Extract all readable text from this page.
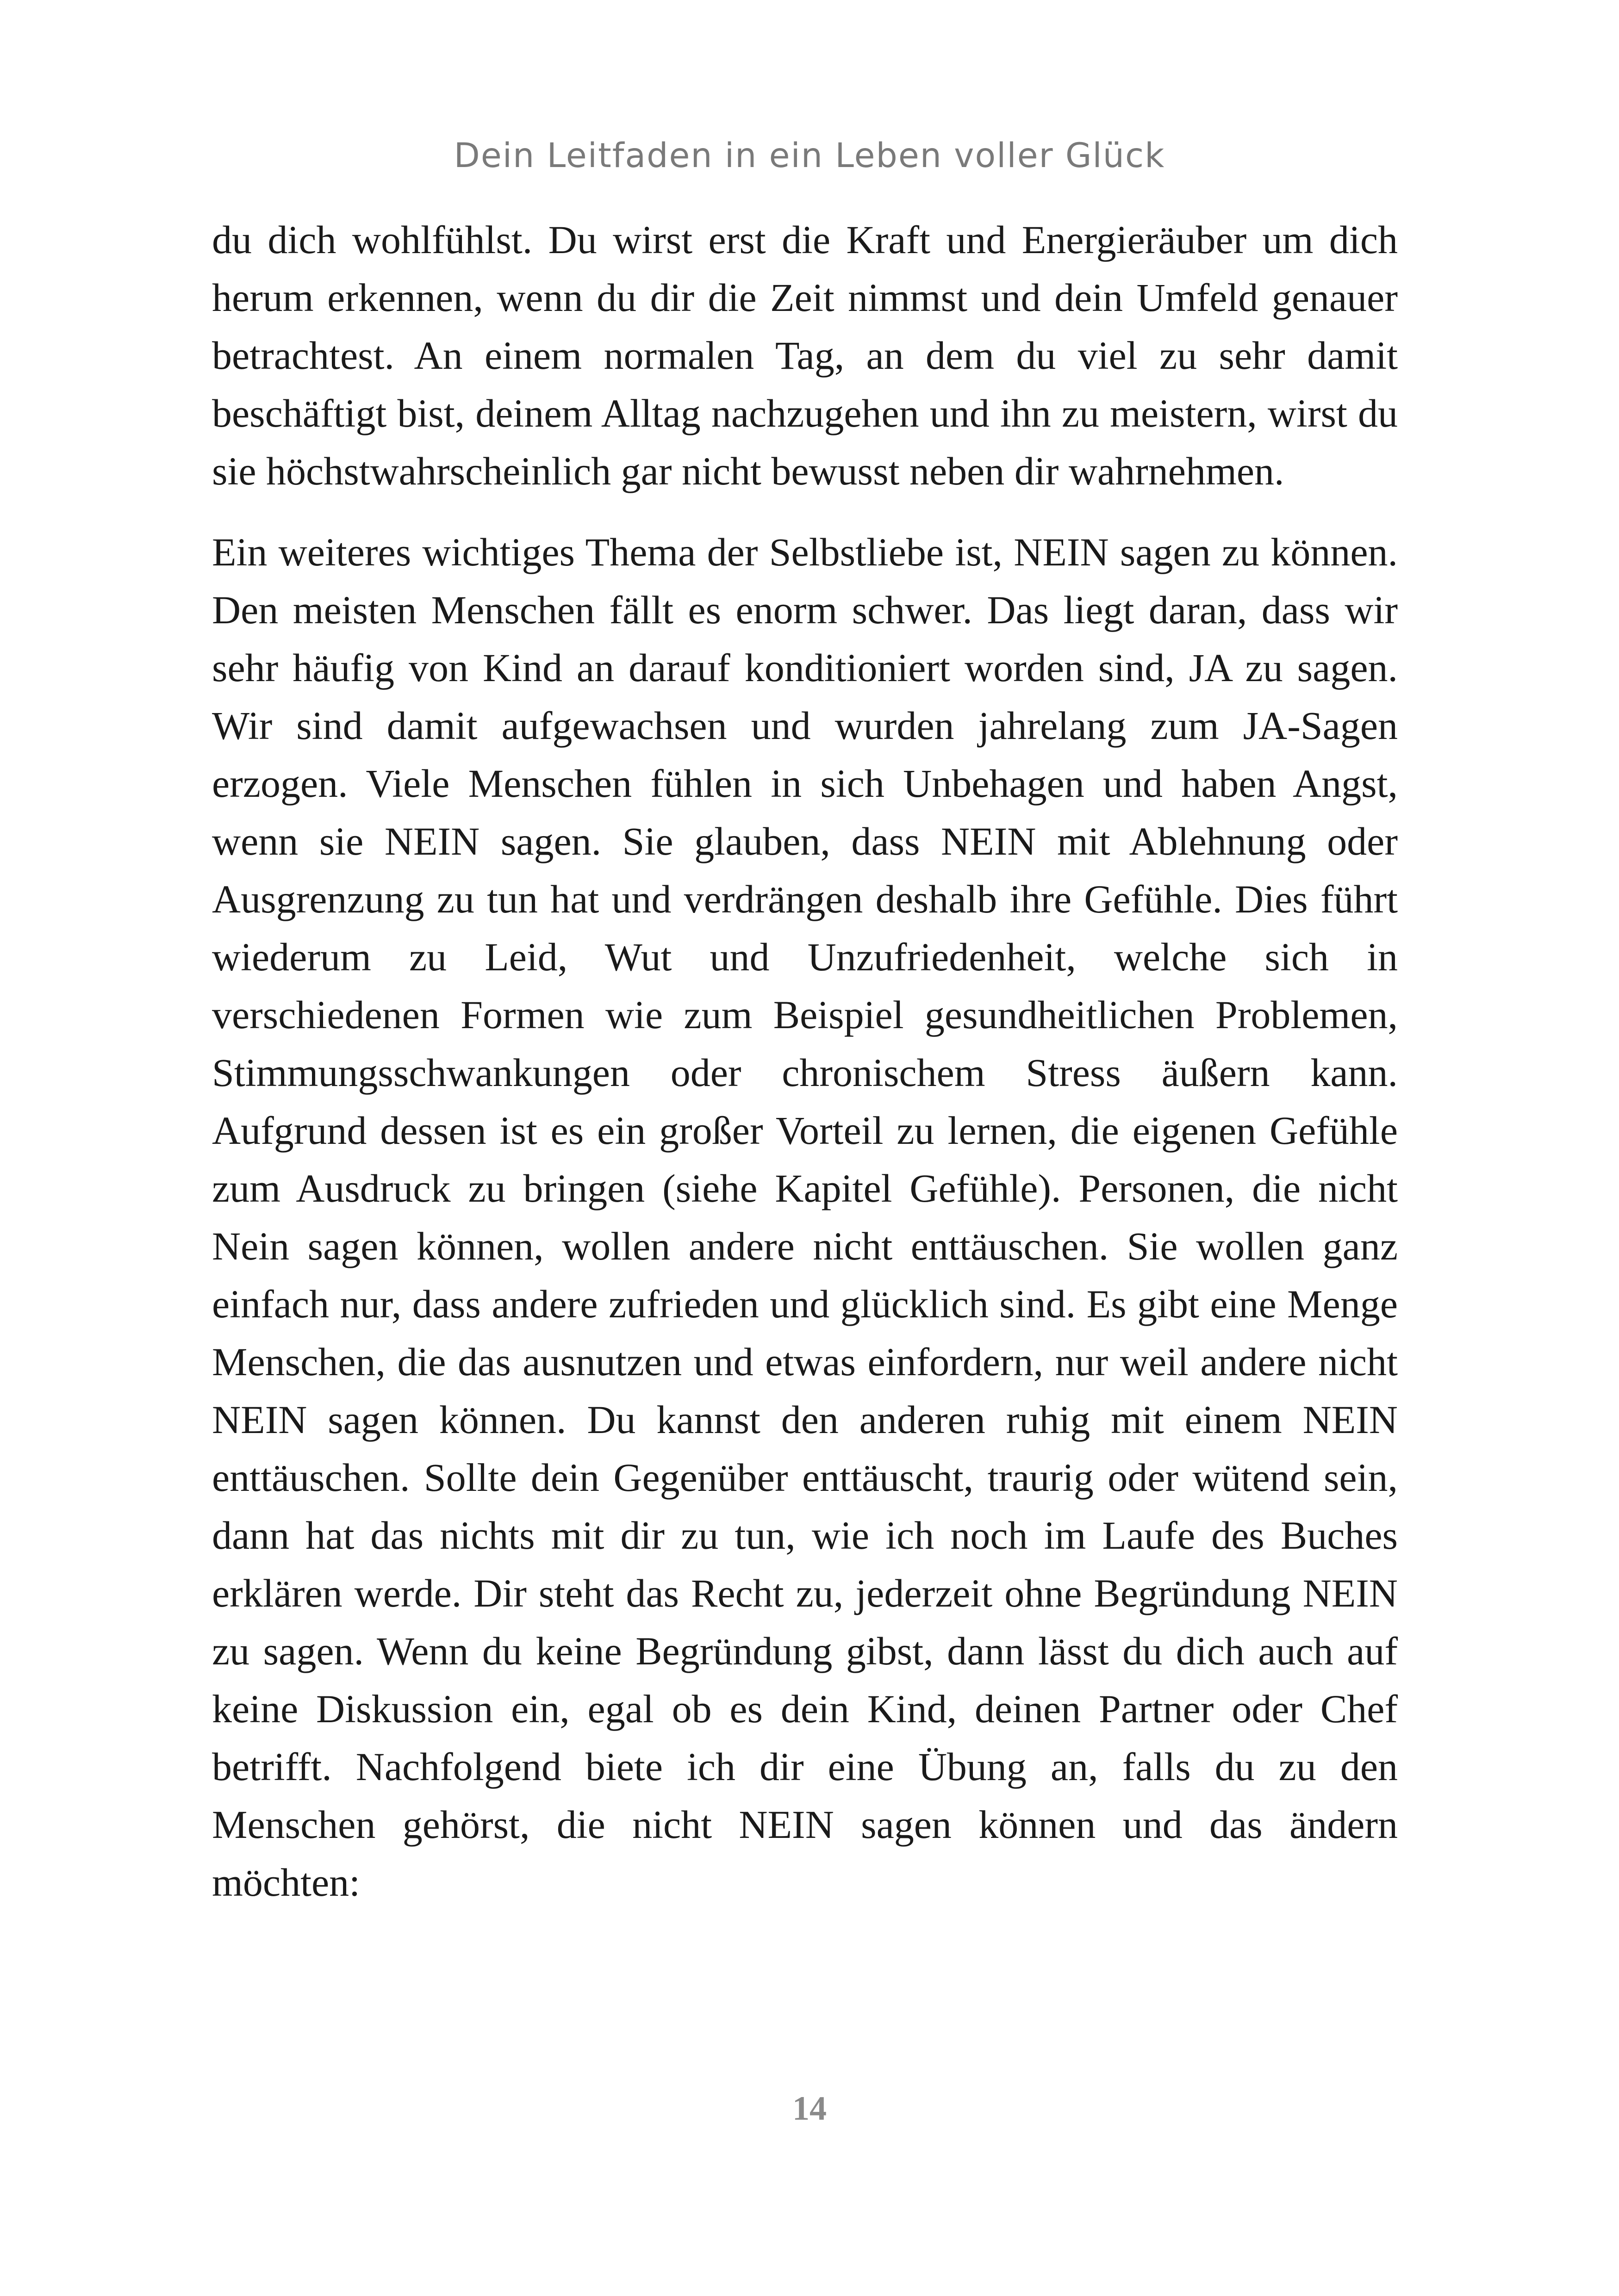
Dein Leitfaden in ein Leben voller Glück

du dich wohlfühlst. Du wirst erst die Kraft und Energieräuber um dich herum erkennen, wenn du dir die Zeit nimmst und dein Umfeld genauer betrachtest. An einem normalen Tag, an dem du viel zu sehr damit beschäftigt bist, deinem Alltag nachzugehen und ihn zu meistern, wirst du sie höchstwahrscheinlich gar nicht bewusst neben dir wahrnehmen.

Ein weiteres wichtiges Thema der Selbstliebe ist, NEIN sagen zu können. Den meisten Menschen fällt es enorm schwer. Das liegt daran, dass wir sehr häufig von Kind an darauf konditioniert worden sind, JA zu sagen. Wir sind damit aufgewachsen und wurden jahrelang zum JA-Sagen erzogen. Viele Menschen fühlen in sich Unbehagen und haben Angst, wenn sie NEIN sagen. Sie glauben, dass NEIN mit Ablehnung oder Ausgrenzung zu tun hat und verdrängen deshalb ihre Gefühle. Dies führt wiederum zu Leid, Wut und Unzufriedenheit, welche sich in verschiedenen Formen wie zum Beispiel gesundheitlichen Problemen, Stimmungsschwankungen oder chronischem Stress äußern kann. Aufgrund dessen ist es ein großer Vorteil zu lernen, die eigenen Gefühle zum Ausdruck zu bringen (siehe Kapitel Gefühle). Personen, die nicht Nein sagen können, wollen andere nicht enttäuschen. Sie wollen ganz einfach nur, dass andere zufrieden und glücklich sind. Es gibt eine Menge Menschen, die das ausnutzen und etwas einfordern, nur weil andere nicht NEIN sagen können. Du kannst den anderen ruhig mit einem NEIN enttäuschen. Sollte dein Gegenüber enttäuscht, traurig oder wütend sein, dann hat das nichts mit dir zu tun, wie ich noch im Laufe des Buches erklären werde. Dir steht das Recht zu, jederzeit ohne Begründung NEIN zu sagen. Wenn du keine Begründung gibst, dann lässt du dich auch auf keine Diskussion ein, egal ob es dein Kind, deinen Partner oder Chef betrifft. Nachfolgend biete ich dir eine Übung an, falls du zu den Menschen gehörst, die nicht NEIN sagen können und das ändern möchten:

14
